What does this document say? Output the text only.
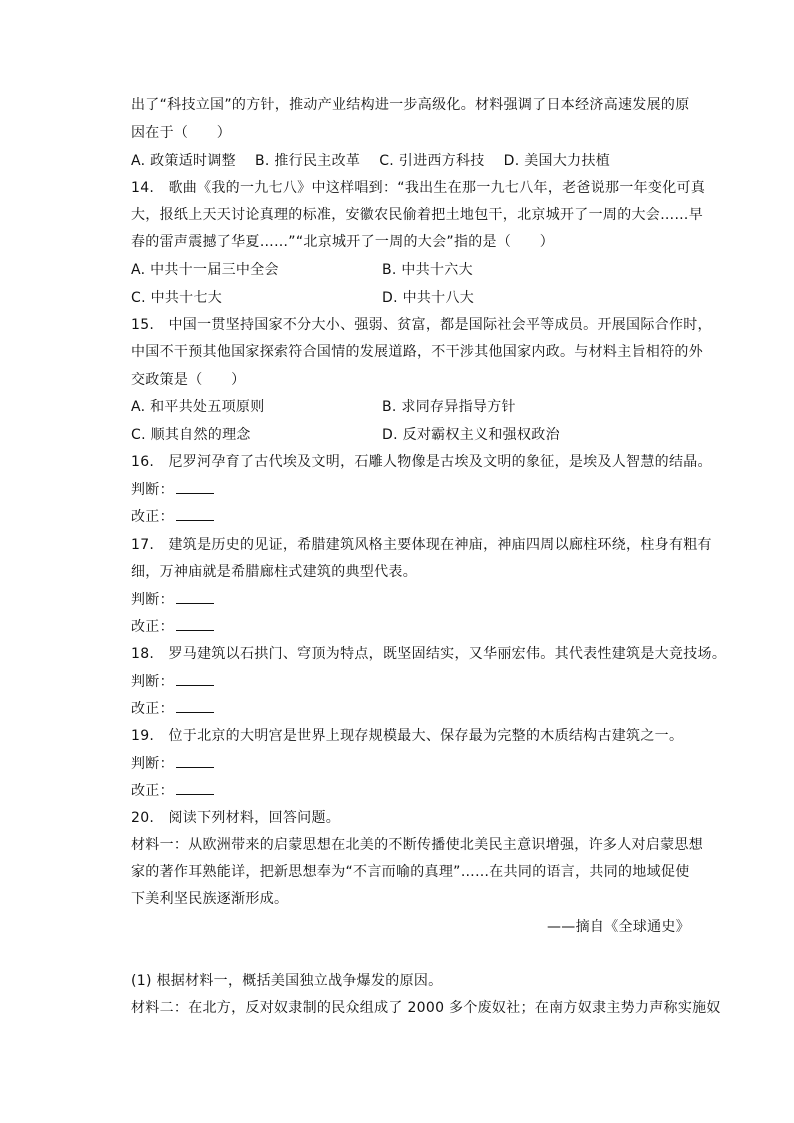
出了“科技立国”的方针，推动产业结构进一步高级化。材料强调了日本经济高速发展的原
因在于（　　）
A. 政策适时调整　 B. 推行民主改革　 C. 引进西方科技　 D. 美国大力扶植
14.　歌曲《我的一九七八》中这样唱到：“我出生在那一九七八年，老爸说那一年变化可真
大，报纸上天天讨论真理的标准，安徽农民偷着把土地包干，北京城开了一周的大会……早
春的雷声震撼了华夏……”“北京城开了一周的大会”指的是（　　）
A. 中共十一届三中全会	B. 中共十六大
C. 中共十七大	D. 中共十八大
15.　中国一贯坚持国家不分大小、强弱、贫富，都是国际社会平等成员。开展国际合作时，
中国不干预其他国家探索符合国情的发展道路，不干涉其他国家内政。与材料主旨相符的外
交政策是（　　）
A. 和平共处五项原则	B. 求同存异指导方针
C. 顺其自然的理念	D. 反对霸权主义和强权政治
16.　尼罗河孕育了古代埃及文明，石雕人物像是古埃及文明的象征，是埃及人智慧的结晶。
判断：
改正：
17.　建筑是历史的见证，希腊建筑风格主要体现在神庙，神庙四周以廊柱环绕，柱身有粗有
细，万神庙就是希腊廊柱式建筑的典型代表。
判断：
改正：
18.　罗马建筑以石拱门、穹顶为特点，既坚固结实，又华丽宏伟。其代表性建筑是大竞技场。
判断：
改正：
19.　位于北京的大明宫是世界上现存规模最大、保存最为完整的木质结构古建筑之一。
判断：
改正：
20.　阅读下列材料，回答问题。
材料一：从欧洲带来的启蒙思想在北美的不断传播使北美民主意识增强，许多人对启蒙思想
家的著作耳熟能详，把新思想奉为“不言而喻的真理”……在共同的语言，共同的地域促使
下美利坚民族逐渐形成。
——摘自《全球通史》
(1) 根据材料一，概括美国独立战争爆发的原因。
材料二：在北方，反对奴隶制的民众组成了 2000 多个废奴社；在南方奴隶主势力声称实施奴
